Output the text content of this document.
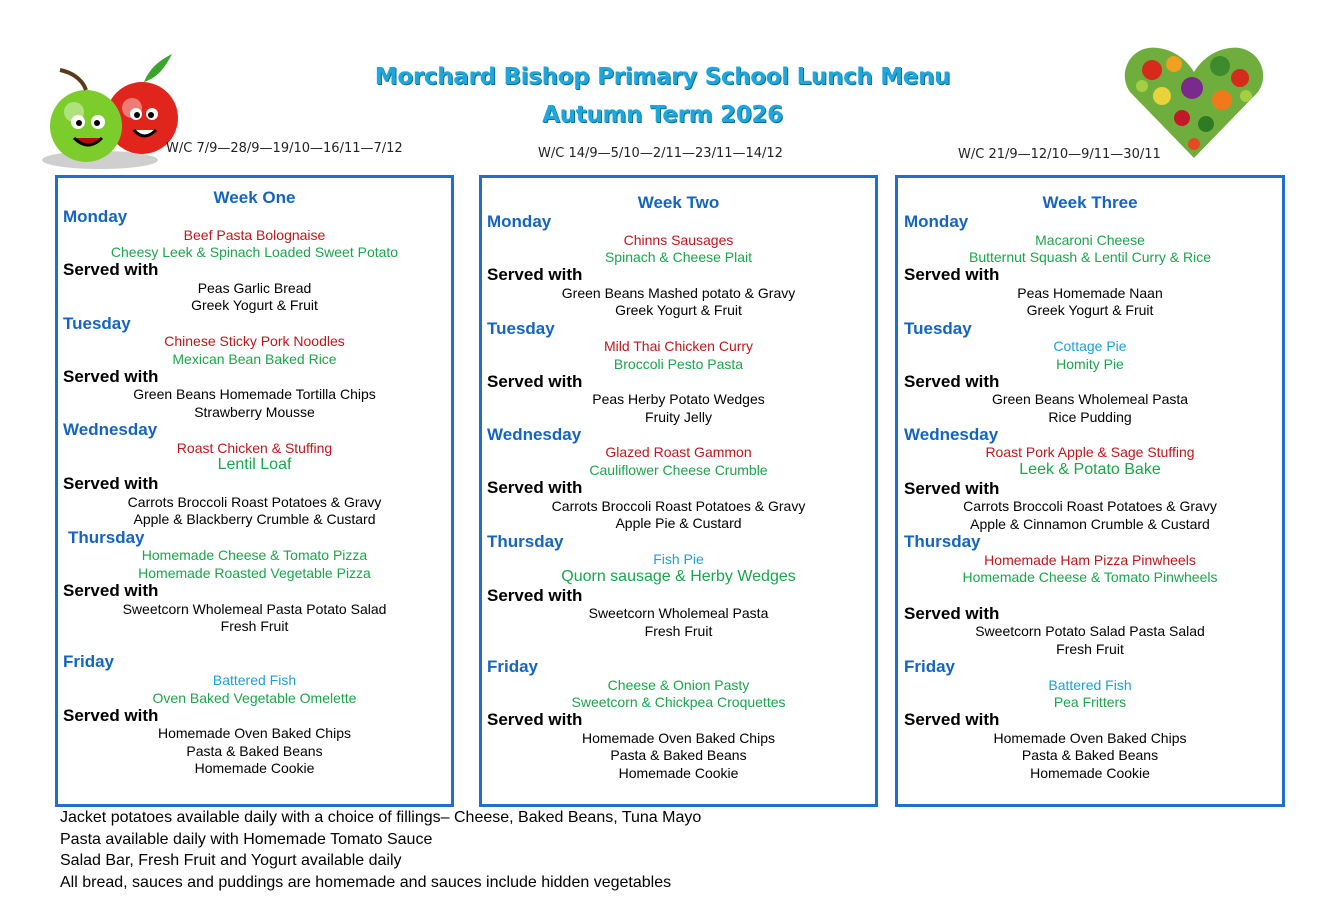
Morchard Bishop Primary School Lunch Menu
Autumn Term 2026
W/C 7/9—28/9—19/10—16/11—7/12	W/C 14/9—5/10—2/11—23/11—14/12	W/C 21/9—12/10—9/11—30/11
Week One
Monday
Beef Pasta Bolognaise
Cheesy Leek & Spinach Loaded Sweet Potato
Served with
Peas Garlic Bread
Greek Yogurt & Fruit
Tuesday
Chinese Sticky Pork Noodles
Mexican Bean Baked Rice
Served with
Green Beans Homemade Tortilla Chips
Strawberry Mousse
Wednesday
Roast Chicken & Stuffing
Lentil Loaf
Served with
Carrots Broccoli Roast Potatoes & Gravy
Apple & Blackberry Crumble & Custard
Thursday
Homemade Cheese & Tomato Pizza
Homemade Roasted Vegetable Pizza
Served with
Sweetcorn Wholemeal Pasta Potato Salad
Fresh Fruit
Friday
Battered Fish
Oven Baked Vegetable Omelette
Served with
Homemade Oven Baked Chips
Pasta & Baked Beans
Homemade Cookie
Week Two
Monday
Chinns Sausages
Spinach & Cheese Plait
Served with
Green Beans Mashed potato & Gravy
Greek Yogurt & Fruit
Tuesday
Mild Thai Chicken Curry
Broccoli Pesto Pasta
Served with
Peas Herby Potato Wedges
Fruity Jelly
Wednesday
Glazed Roast Gammon
Cauliflower Cheese Crumble
Served with
Carrots Broccoli Roast Potatoes & Gravy
Apple Pie & Custard
Thursday
Fish Pie
Quorn sausage & Herby Wedges
Served with
Sweetcorn Wholemeal Pasta
Fresh Fruit
Friday
Cheese & Onion Pasty
Sweetcorn & Chickpea Croquettes
Served with
Homemade Oven Baked Chips
Pasta & Baked Beans
Homemade Cookie
Week Three
Monday
Macaroni Cheese
Butternut Squash & Lentil Curry & Rice
Served with
Peas Homemade Naan
Greek Yogurt & Fruit
Tuesday
Cottage Pie
Homity Pie
Served with
Green Beans Wholemeal Pasta
Rice Pudding
Wednesday
Roast Pork Apple & Sage Stuffing
Leek & Potato Bake
Served with
Carrots Broccoli Roast Potatoes & Gravy
Apple & Cinnamon Crumble & Custard
Thursday
Homemade Ham Pizza Pinwheels
Homemade Cheese & Tomato Pinwheels
Served with
Sweetcorn Potato Salad Pasta Salad
Fresh Fruit
Friday
Battered Fish
Pea Fritters
Served with
Homemade Oven Baked Chips
Pasta & Baked Beans
Homemade Cookie
Jacket potatoes available daily with a choice of fillings– Cheese, Baked Beans, Tuna Mayo
Pasta available daily with Homemade Tomato Sauce
Salad Bar, Fresh Fruit and Yogurt available daily
All bread, sauces and puddings are homemade and sauces include hidden vegetables
